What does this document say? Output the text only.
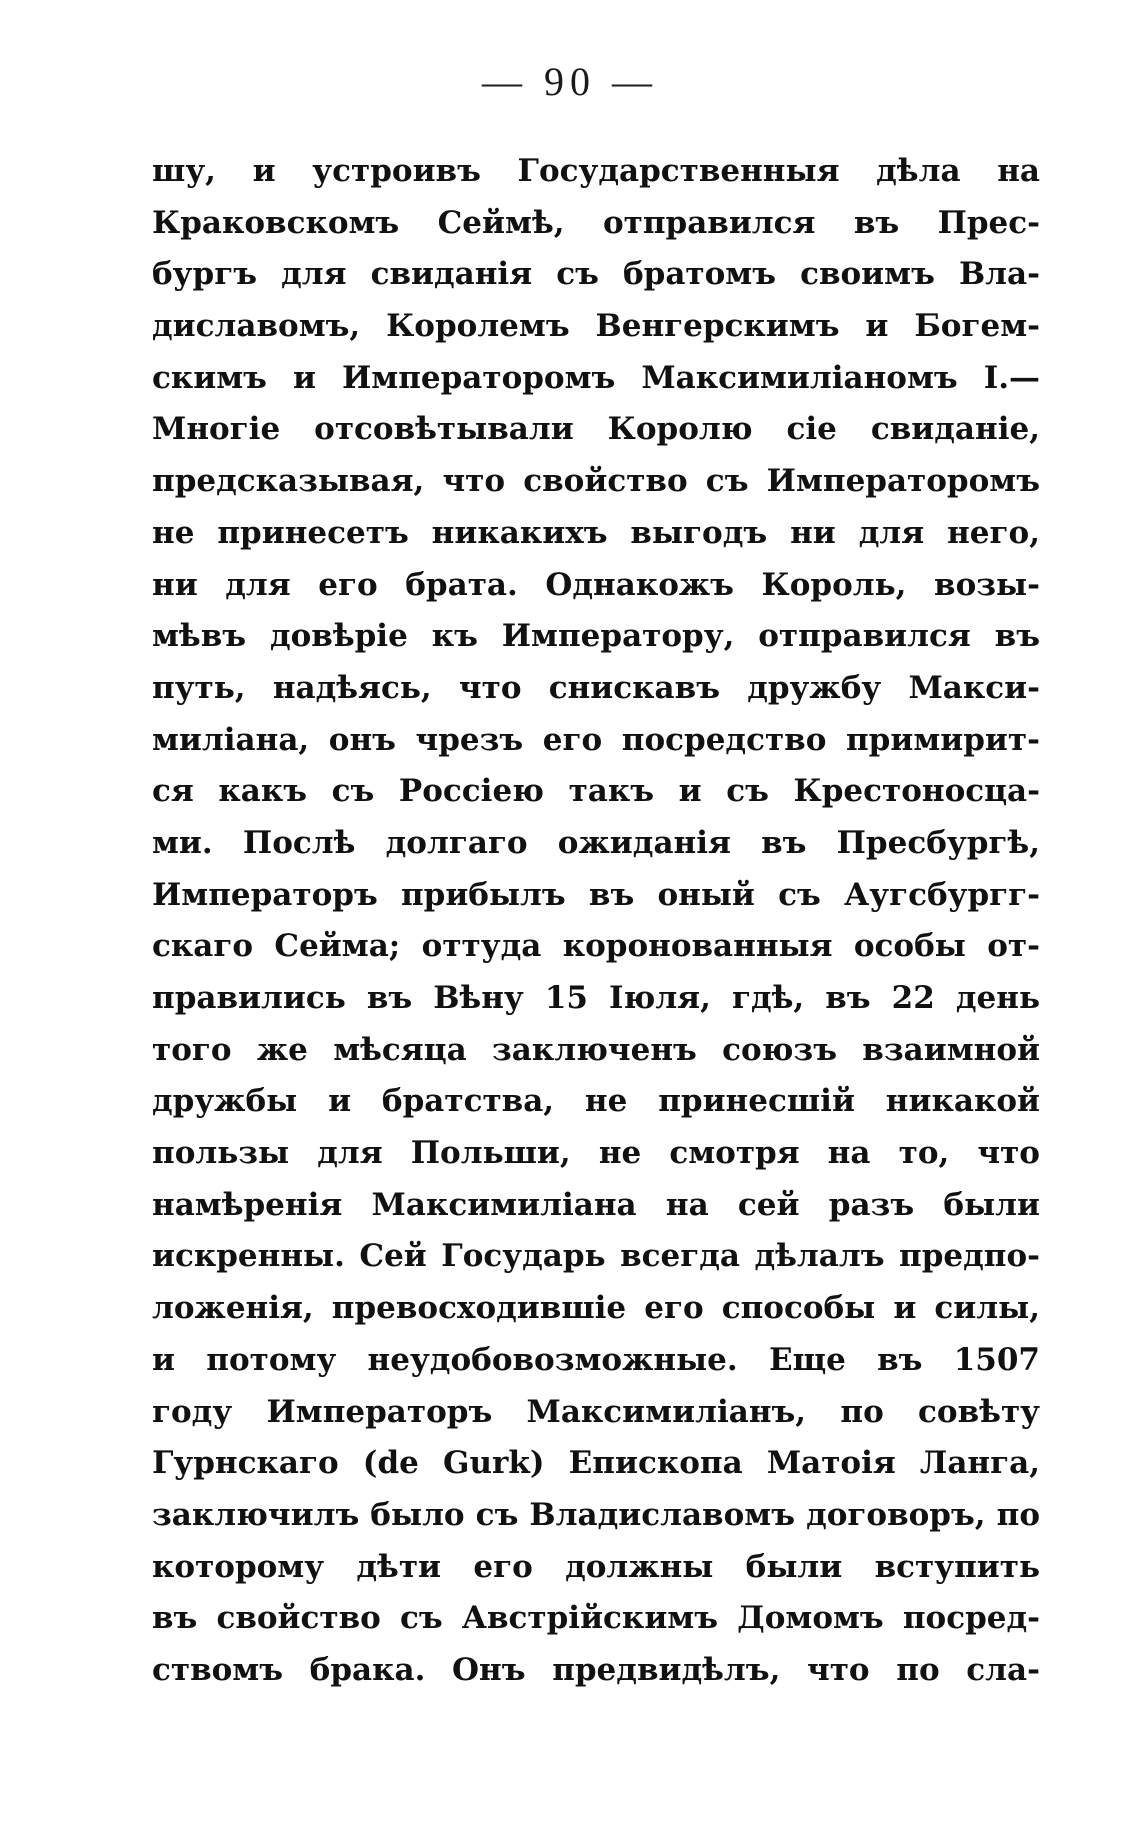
— 90 —
шу, и устроивъ Государственныя дѣла на
Краковскомъ Сеймѣ, отправился въ Прес-
бургъ для свиданія съ братомъ своимъ Вла-
диславомъ, Королемъ Венгерскимъ и Богем-
скимъ и Императоромъ Максимиліаномъ I.—
Многіе отсовѣтывали Королю сіе свиданіе,
предсказывая, что свойство съ Императоромъ
не принесетъ никакихъ выгодъ ни для него,
ни для его брата. Однакожъ Король, возы-
мѣвъ довѣріе къ Императору, отправился въ
путь, надѣясь, что снискавъ дружбу Макси-
миліана, онъ чрезъ его посредство примирит-
ся какъ съ Россіею такъ и съ Крестоносца-
ми. Послѣ долгаго ожиданія въ Пресбургѣ,
Императоръ прибылъ въ оный съ Аугсбургг-
скаго Сейма; оттуда коронованныя особы от-
правились въ Вѣну 15 Іюля, гдѣ, въ 22 день
того же мѣсяца заключенъ союзъ взаимной
дружбы и братства, не принесшій никакой
пользы для Польши, не смотря на то, что
намѣренія Максимиліана на сей разъ были
искренны. Сей Государь всегда дѣлалъ предпо-
ложенія, превосходившіе его способы и силы,
и потому неудобовозможные. Еще въ 1507
году Императоръ Максимиліанъ, по совѣту
Гурнскаго (de Gurk) Епископа Матоія Ланга,
заключилъ было съ Владиславомъ договоръ, по
которому дѣти его должны были вступить
въ свойство съ Австрійскимъ Домомъ посред-
ствомъ брака. Онъ предвидѣлъ, что по сла-
